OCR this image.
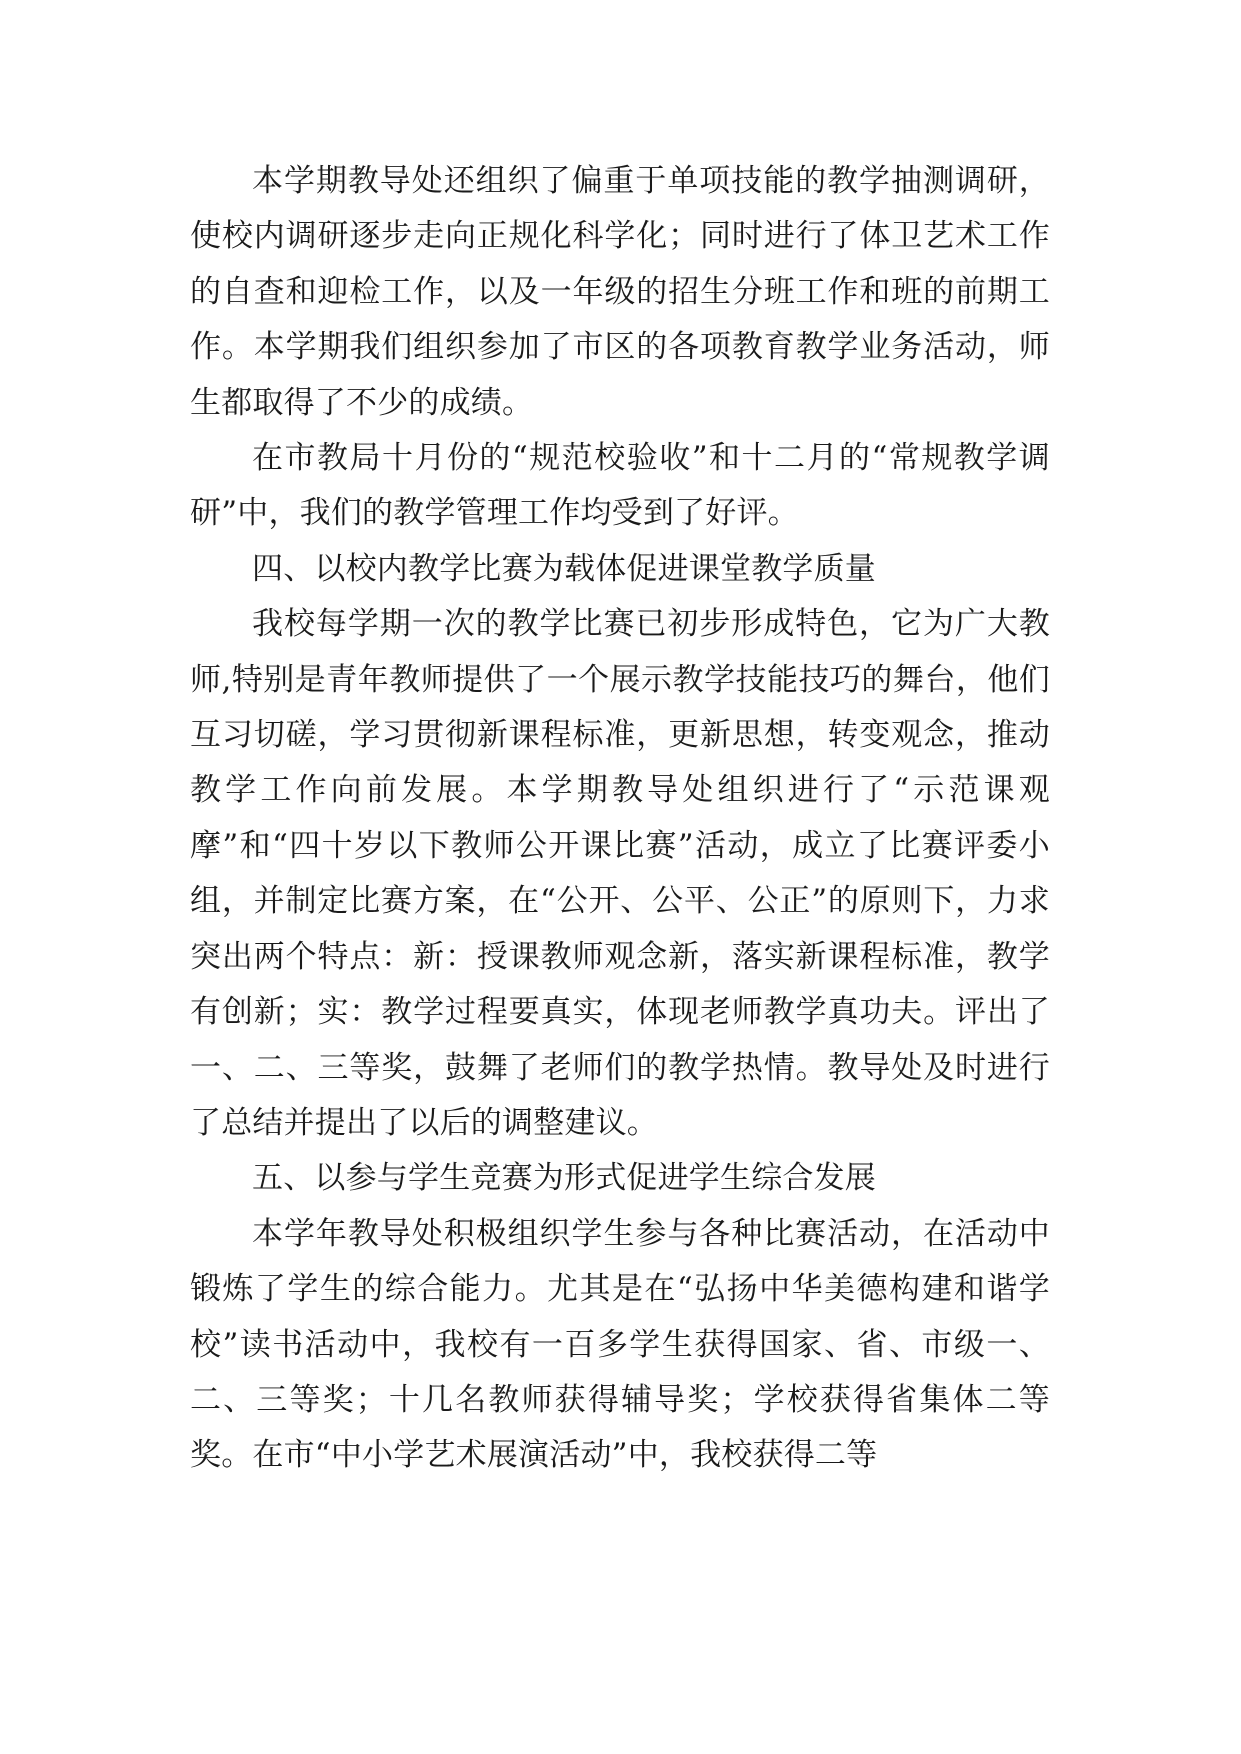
本学期教导处还组织了偏重于单项技能的教学抽测调研，使校内调研逐步走向正规化科学化；同时进行了体卫艺术工作的自查和迎检工作，以及一年级的招生分班工作和班的前期工作。本学期我们组织参加了市区的各项教育教学业务活动，师生都取得了不少的成绩。

在市教局十月份的“规范校验收”和十二月的“常规教学调研”中，我们的教学管理工作均受到了好评。

四、以校内教学比赛为载体促进课堂教学质量

我校每学期一次的教学比赛已初步形成特色，它为广大教师,特别是青年教师提供了一个展示教学技能技巧的舞台，他们互习切磋，学习贯彻新课程标准，更新思想，转变观念，推动教学工作向前发展。本学期教导处组织进行了“示范课观摩”和“四十岁以下教师公开课比赛”活动，成立了比赛评委小组，并制定比赛方案，在“公开、公平、公正”的原则下，力求突出两个特点：新：授课教师观念新，落实新课程标准，教学有创新；实：教学过程要真实，体现老师教学真功夫。评出了一、二、三等奖，鼓舞了老师们的教学热情。教导处及时进行了总结并提出了以后的调整建议。

五、以参与学生竞赛为形式促进学生综合发展

本学年教导处积极组织学生参与各种比赛活动，在活动中锻炼了学生的综合能力。尤其是在“弘扬中华美德构建和谐学校”读书活动中，我校有一百多学生获得国家、省、市级一、二、三等奖；十几名教师获得辅导奖；学校获得省集体二等奖。在市“中小学艺术展演活动”中，我校获得二等
